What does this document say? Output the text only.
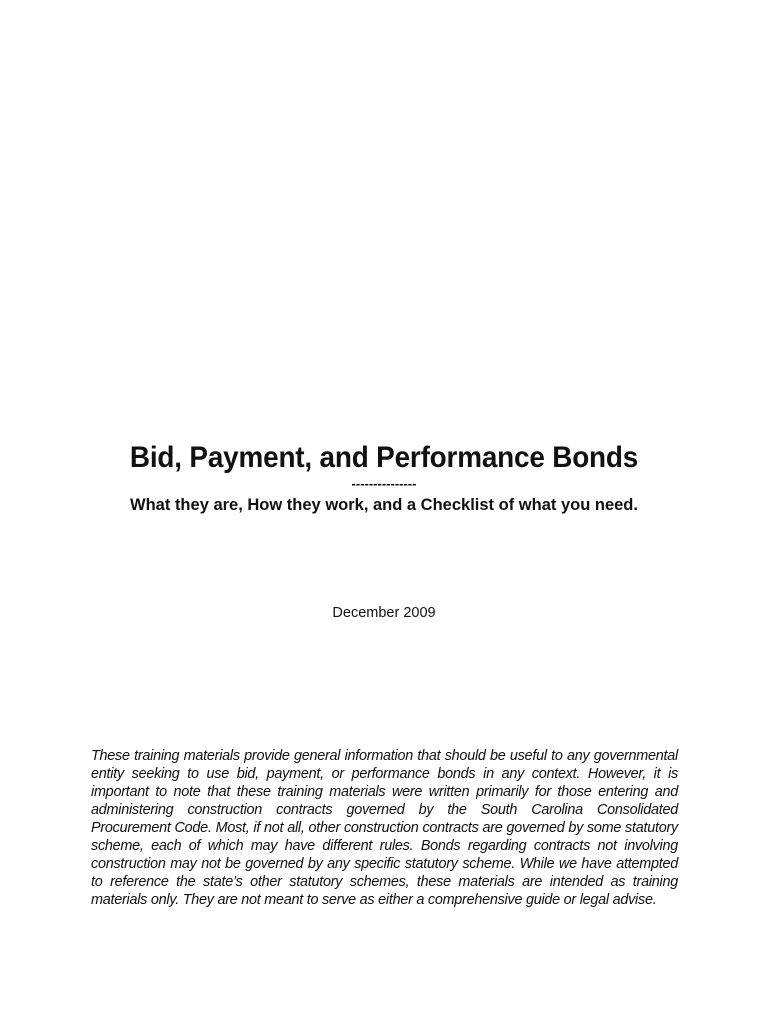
Bid, Payment, and Performance Bonds
---------------
What they are, How they work, and a Checklist of what you need.
December 2009

These training materials provide general information that should be useful to any governmental entity seeking to use bid, payment, or performance bonds in any context. However, it is important to note that these training materials were written primarily for those entering and administering construction contracts governed by the South Carolina Consolidated Procurement Code. Most, if not all, other construction contracts are governed by some statutory scheme, each of which may have different rules. Bonds regarding contracts not involving construction may not be governed by any specific statutory scheme. While we have attempted to reference the state’s other statutory schemes, these materials are intended as training materials only. They are not meant to serve as either a comprehensive guide or legal advise.
